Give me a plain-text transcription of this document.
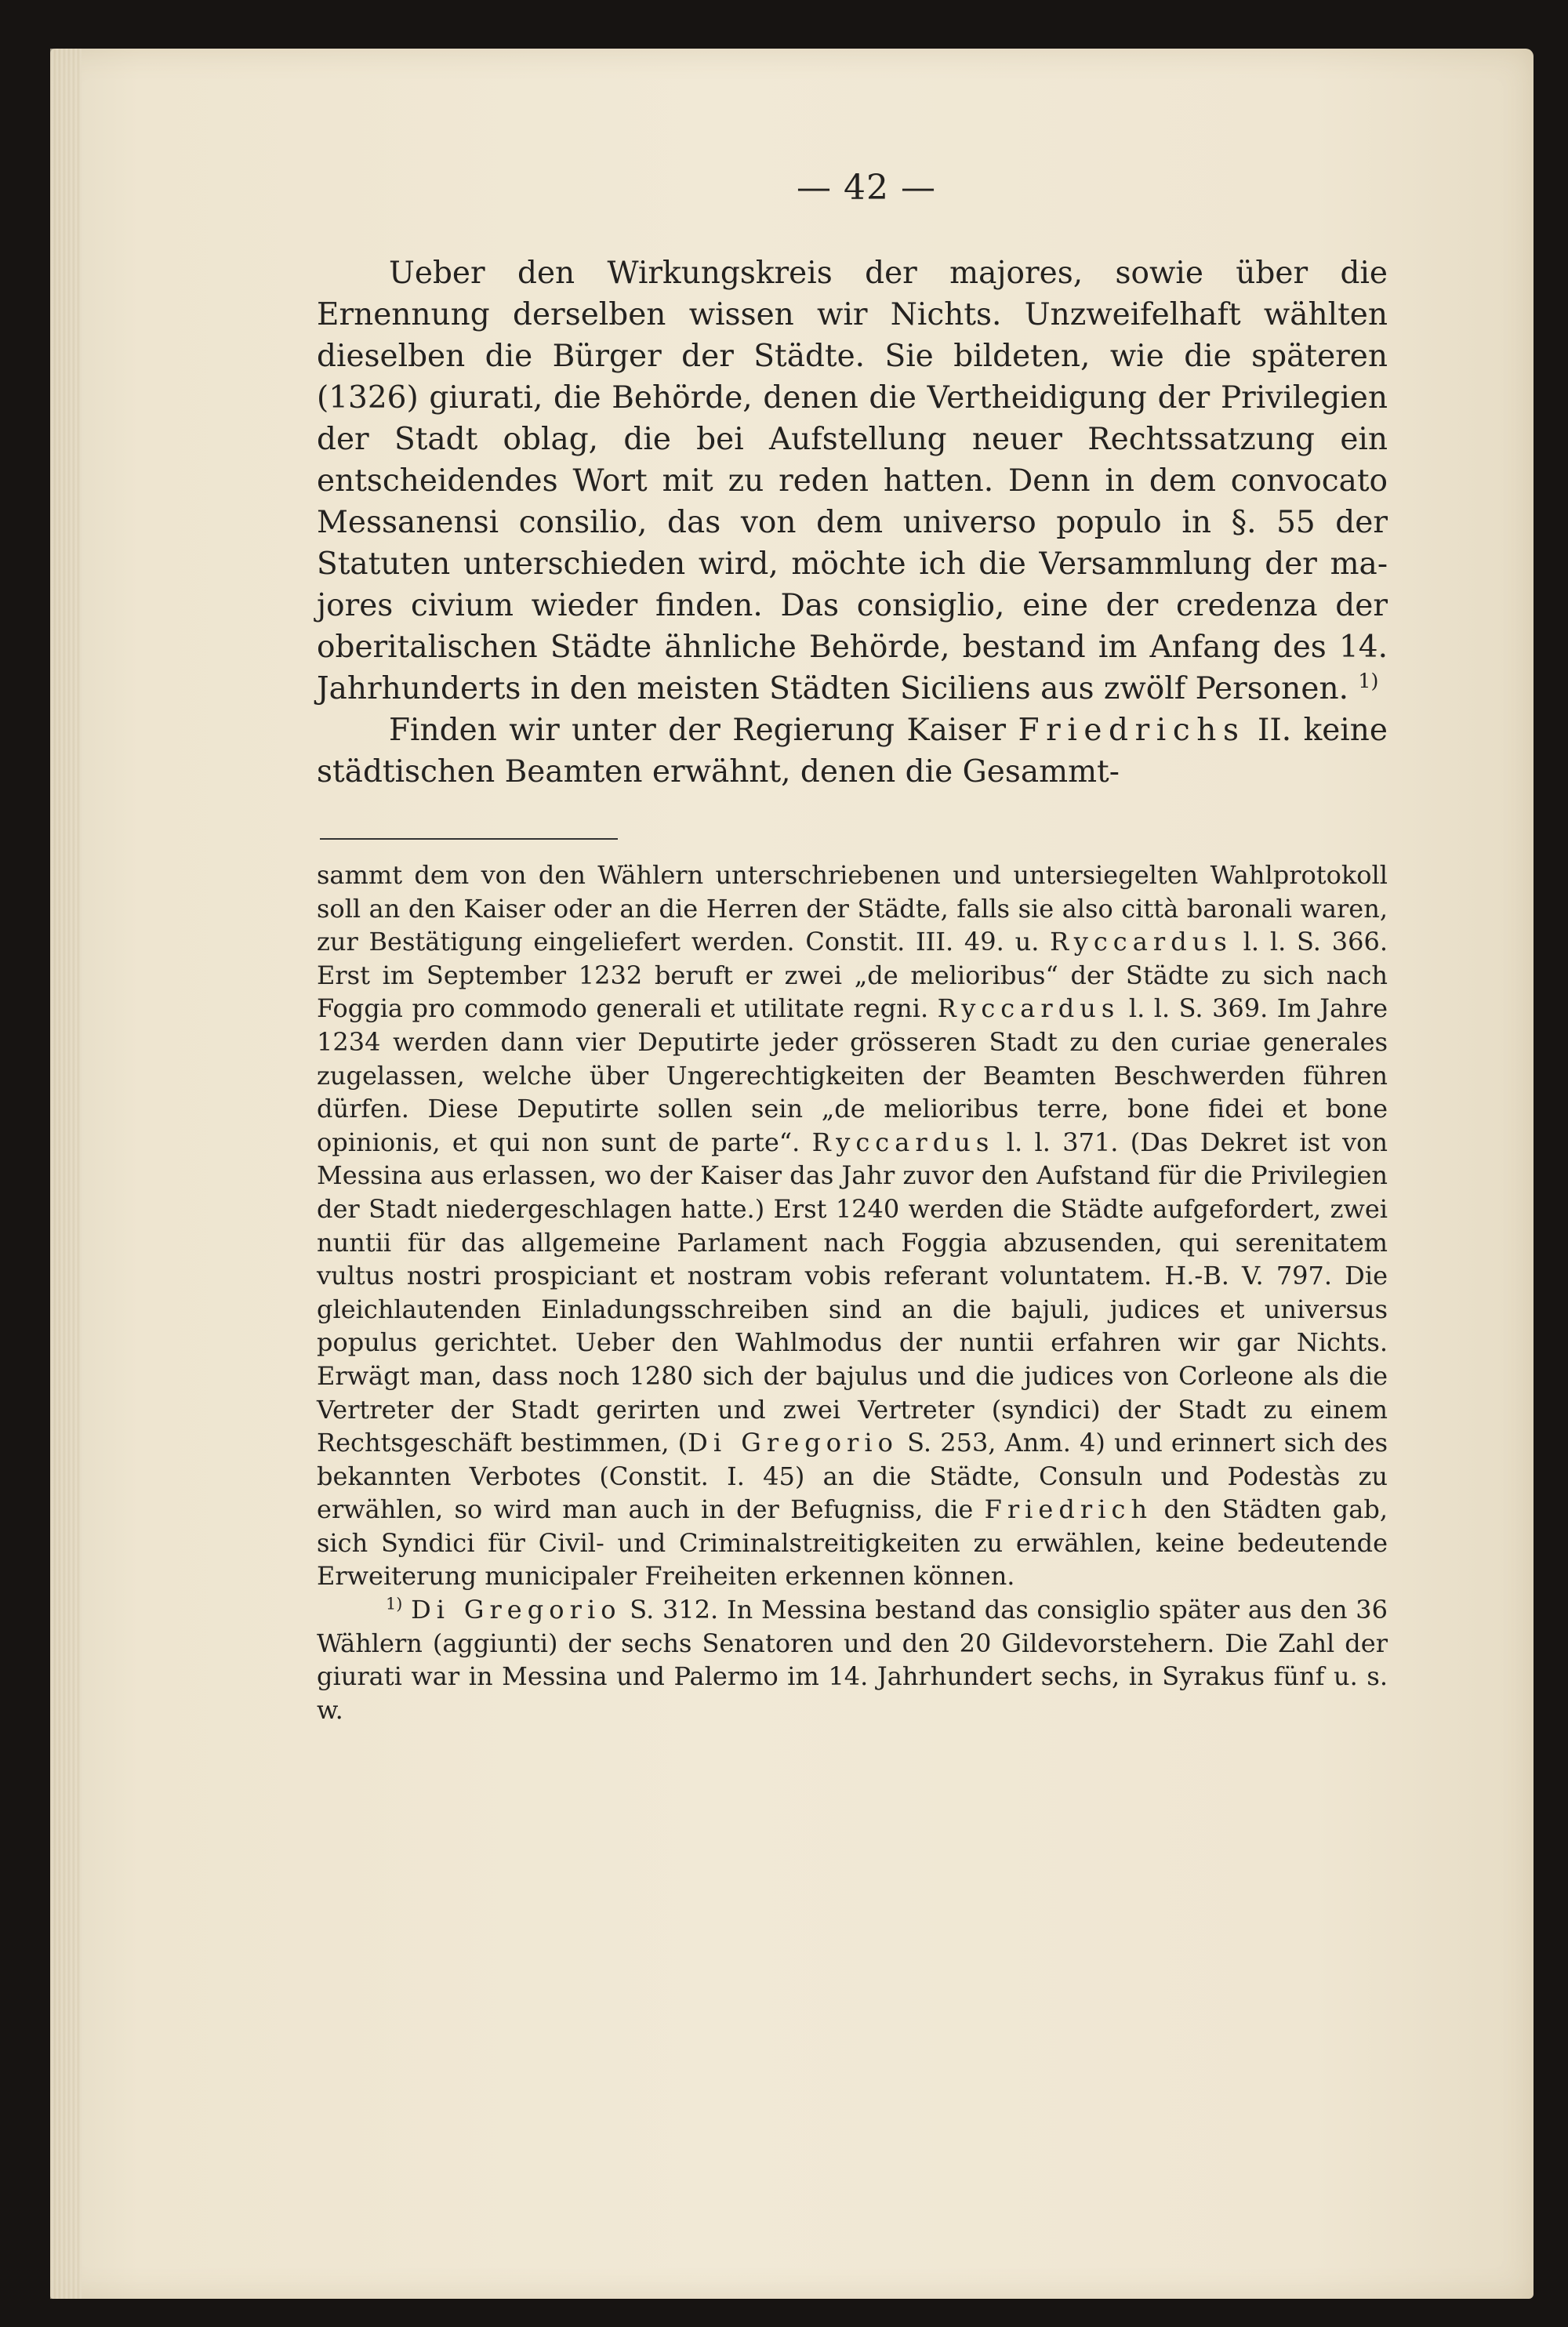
— 42 —

Ueber den Wirkungskreis der majores, sowie über die Ernennung derselben wissen wir Nichts. Unzweifelhaft wählten dieselben die Bürger der Städte. Sie bildeten, wie die späteren (1326) giurati, die Behörde, denen die Vertheidigung der Privilegien der Stadt oblag, die bei Aufstellung neuer Rechtssatzung ein entscheidendes Wort mit zu reden hatten. Denn in dem convocato Messanensi consilio, das von dem universo populo in §. 55 der Statuten unterschieden wird, möchte ich die Versammlung der majores civium wieder finden. Das consiglio, eine der credenza der oberitalischen Städte ähnliche Behörde, bestand im Anfang des 14. Jahrhunderts in den meisten Städten Siciliens aus zwölf Personen. $^{1)}$

Finden wir unter der Regierung Kaiser Friedrichs II. keine städtischen Beamten erwähnt, denen die Gesammt-

sammt dem von den Wählern unterschriebenen und untersiegelten Wahlprotokoll soll an den Kaiser oder an die Herren der Städte, falls sie also città baronali waren, zur Bestätigung eingeliefert werden. Constit. III. 49. u. Ryccardus l. l. S. 366. Erst im September 1232 beruft er zwei „de melioribus“ der Städte zu sich nach Foggia pro commodo generali et utilitate regni. Ryccardus l. l. S. 369. Im Jahre 1234 werden dann vier Deputirte jeder grösseren Stadt zu den curiae generales zugelassen, welche über Ungerechtigkeiten der Beamten Beschwerden führen dürfen. Diese Deputirte sollen sein „de melioribus terre, bone fidei et bone opinionis, et qui non sunt de parte“. Ryccardus l. l. 371. (Das Dekret ist von Messina aus erlassen, wo der Kaiser das Jahr zuvor den Aufstand für die Privilegien der Stadt niedergeschlagen hatte.) Erst 1240 werden die Städte aufgefordert, zwei nuntii für das allgemeine Parlament nach Foggia abzusenden, qui serenitatem vultus nostri prospiciant et nostram vobis referant voluntatem. H.-B. V. 797. Die gleichlautenden Einladungsschreiben sind an die bajuli, judices et universus populus gerichtet. Ueber den Wahlmodus der nuntii erfahren wir gar Nichts. Erwägt man, dass noch 1280 sich der bajulus und die judices von Corleone als die Vertreter der Stadt gerirten und zwei Vertreter (syndici) der Stadt zu einem Rechtsgeschäft bestimmen, (Di Gregorio S. 253, Anm. 4) und erinnert sich des bekannten Verbotes (Constit. I. 45) an die Städte, Consuln und Podestàs zu erwählen, so wird man auch in der Befugniss, die Friedrich den Städten gab, sich Syndici für Civil- und Criminalstreitigkeiten zu erwählen, keine bedeutende Erweiterung municipaler Freiheiten erkennen können.

$^{1)}$ Di Gregorio S. 312. In Messina bestand das consiglio später aus den 36 Wählern (aggiunti) der sechs Senatoren und den 20 Gildevorstehern. Die Zahl der giurati war in Messina und Palermo im 14. Jahrhundert sechs, in Syrakus fünf u. s. w.
